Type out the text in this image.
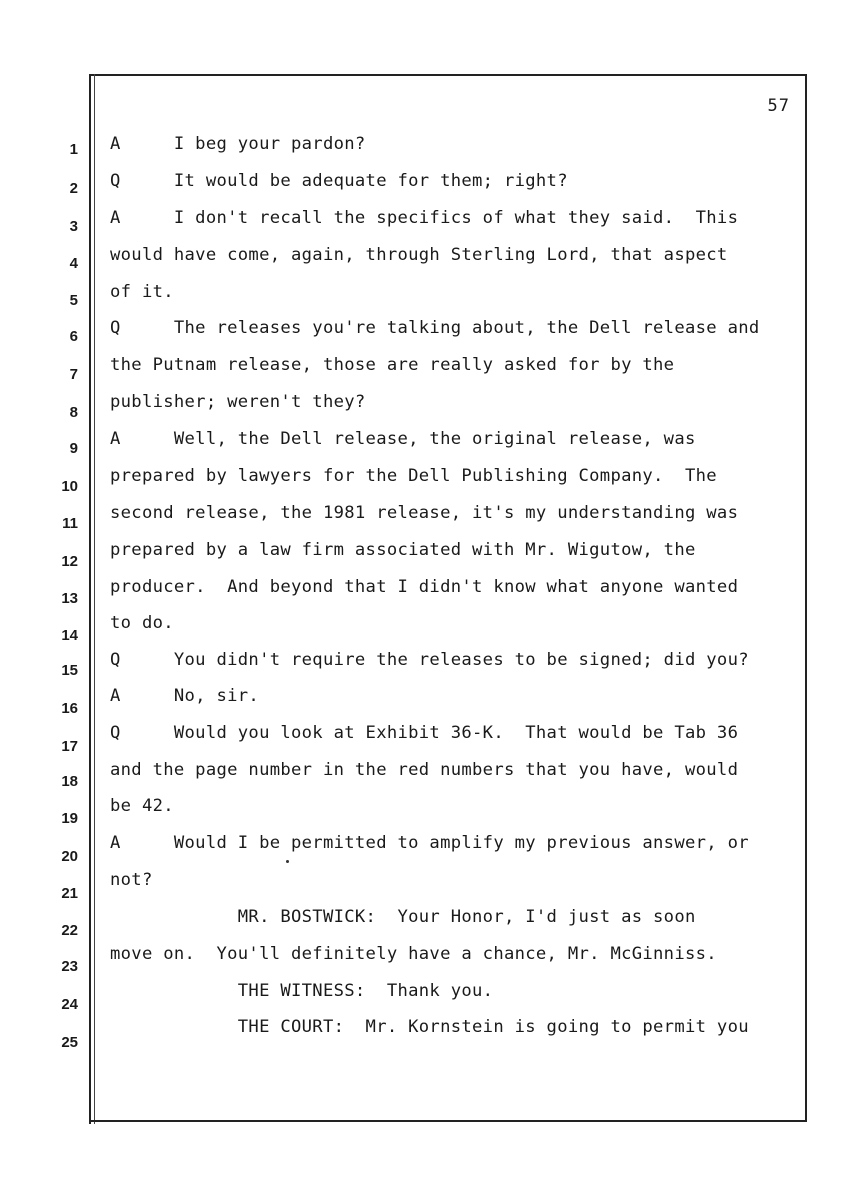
57
1 A     I beg your pardon?
2 Q     It would be adequate for them; right?
3 A     I don't recall the specifics of what they said.  This
4 would have come, again, through Sterling Lord, that aspect
5 of it.
6 Q     The releases you're talking about, the Dell release and
7 the Putnam release, those are really asked for by the
8
publisher; weren't they?
9 A     Well, the Dell release, the original release, was
10
prepared by lawyers for the Dell Publishing Company.  The
11
second release, the 1981 release, it's my understanding was
12
prepared by a law firm associated with Mr. Wigutow, the
13
producer.  And beyond that I didn't know what anyone wanted
14
to do.
15
Q     You didn't require the releases to be signed; did you?
16
A     No, sir.
17
Q     Would you look at Exhibit 36-K.  That would be Tab 36
18
and the page number in the red numbers that you have, would
19
be 42.
20
A     Would I be permitted to amplify my previous answer, or
21
not?
22
MR. BOSTWICK:  Your Honor, I'd just as soon
23
move on.  You'll definitely have a chance, Mr. McGinniss.
24
THE WITNESS:  Thank you.
25
THE COURT:  Mr. Kornstein is going to permit you
